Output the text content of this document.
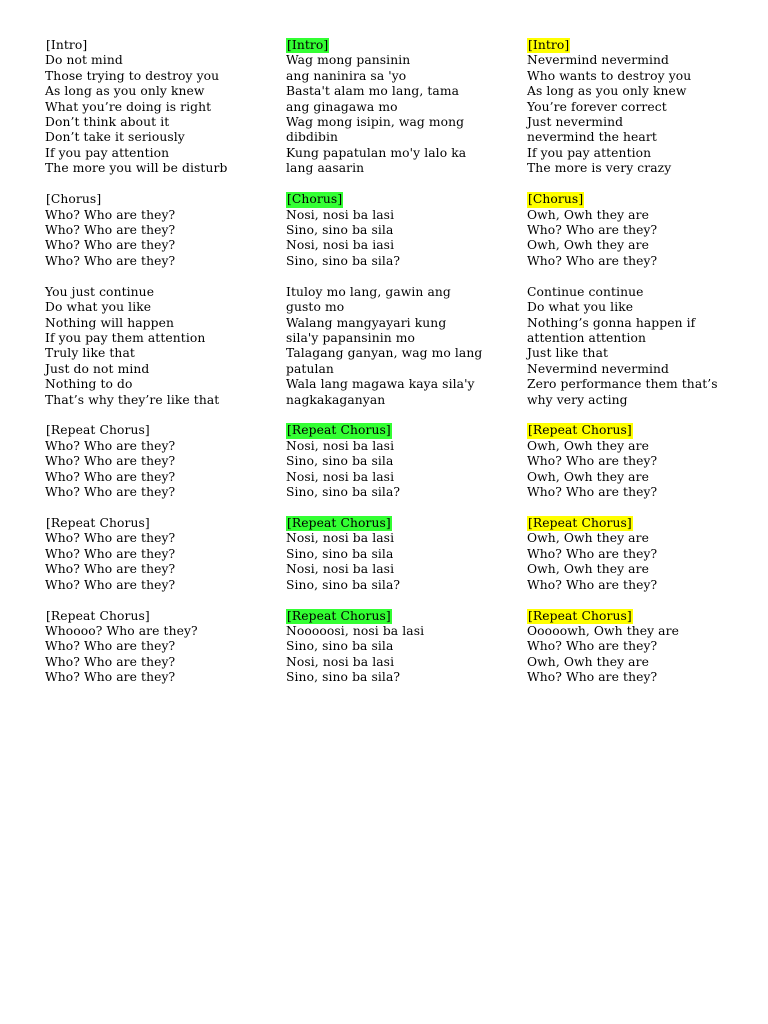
[Intro]
Do not mind
Those trying to destroy you
As long as you only knew
What you’re doing is right
Don’t think about it
Don’t take it seriously
If you pay attention
The more you will be disturb
[Chorus]
Who? Who are they?
Who? Who are they?
Who? Who are they?
Who? Who are they?
You just continue
Do what you like
Nothing will happen
If you pay them attention
Truly like that
Just do not mind
Nothing to do
That’s why they’re like that
[Repeat Chorus]
Who? Who are they?
Who? Who are they?
Who? Who are they?
Who? Who are they?
[Repeat Chorus]
Who? Who are they?
Who? Who are they?
Who? Who are they?
Who? Who are they?
[Repeat Chorus]
Whoooo? Who are they?
Who? Who are they?
Who? Who are they?
Who? Who are they?
[Intro]
Wag mong pansinin
ang naninira sa 'yo
Basta't alam mo lang, tama
ang ginagawa mo
Wag mong isipin, wag mong
dibdibin
Kung papatulan mo'y lalo ka
lang aasarin
[Chorus]
Nosi, nosi ba lasi
Sino, sino ba sila
Nosi, nosi ba iasi
Sino, sino ba sila?
Ituloy mo lang, gawin ang
gusto mo
Walang mangyayari kung
sila'y papansinin mo
Talagang ganyan, wag mo lang
patulan
Wala lang magawa kaya sila'y
nagkakaganyan
[Repeat Chorus]
Nosi, nosi ba lasi
Sino, sino ba sila
Nosi, nosi ba lasi
Sino, sino ba sila?
[Repeat Chorus]
Nosi, nosi ba lasi
Sino, sino ba sila
Nosi, nosi ba lasi
Sino, sino ba sila?
[Repeat Chorus]
Nooooosi, nosi ba lasi
Sino, sino ba sila
Nosi, nosi ba lasi
Sino, sino ba sila?
[Intro]
Nevermind nevermind
Who wants to destroy you
As long as you only knew
You’re forever correct
Just nevermind
nevermind the heart
If you pay attention
The more is very crazy
[Chorus]
Owh, Owh they are
Who? Who are they?
Owh, Owh they are
Who? Who are they?
Continue continue
Do what you like
Nothing’s gonna happen if
attention attention
Just like that
Nevermind nevermind
Zero performance them that’s
why very acting
[Repeat Chorus]
Owh, Owh they are
Who? Who are they?
Owh, Owh they are
Who? Who are they?
[Repeat Chorus]
Owh, Owh they are
Who? Who are they?
Owh, Owh they are
Who? Who are they?
[Repeat Chorus]
Ooooowh, Owh they are
Who? Who are they?
Owh, Owh they are
Who? Who are they?
